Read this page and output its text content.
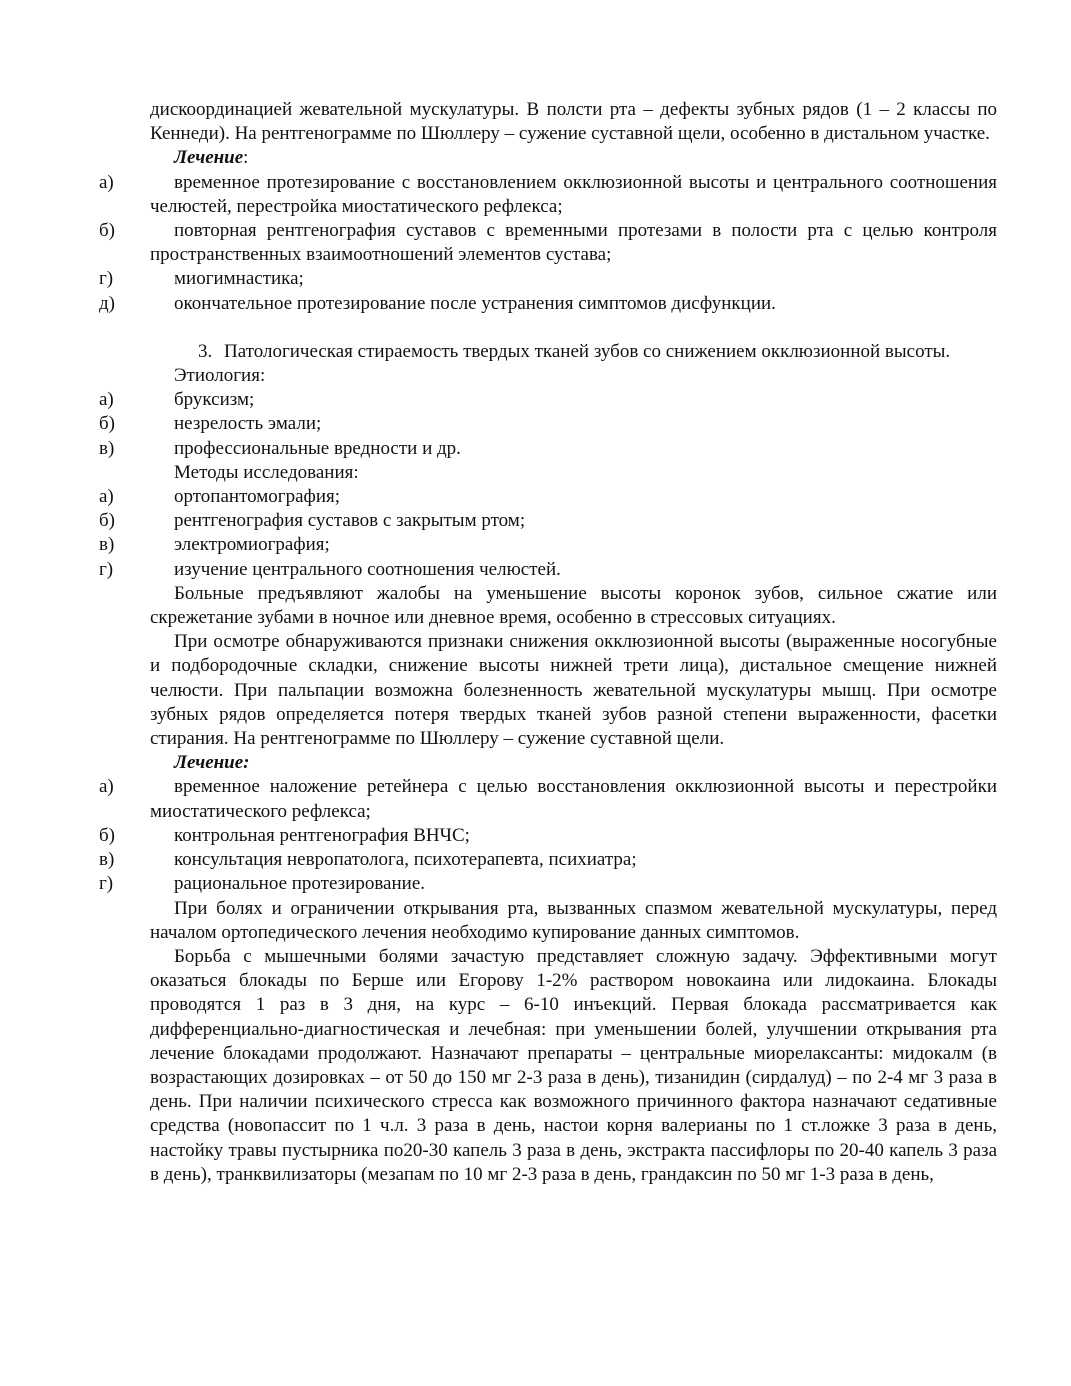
дискоординацией жевательной мускулатуры. В полсти рта – дефекты зубных рядов (1 – 2 классы по Кеннеди). На рентгенограмме по Шюллеру – сужение суставной щели, особенно в дистальном участке.

Лечение:

а)	временное протезирование с восстановлением окклюзионной высоты и центрального соотношения челюстей, перестройка миостатического рефлекса;

б)	повторная рентгенография суставов с временными протезами в полости рта с целью контроля пространственных взаимоотношений элементов сустава;

г)	миогимнастика;

д)	окончательное протезирование после устранения симптомов дисфункции.

3. Патологическая стираемость твердых тканей зубов со снижением окклюзионной высоты.

Этиология:

а)	бруксизм;

б)	незрелость эмали;

в)	профессиональные вредности и др.

Методы исследования:

а)	ортопантомография;

б)	рентгенография суставов с закрытым ртом;

в)	электромиография;

г)	изучение центрального соотношения челюстей.

Больные предъявляют жалобы на уменьшение высоты коронок зубов, сильное сжатие или скрежетание зубами в ночное или дневное время, особенно в стрессовых ситуациях.

При осмотре обнаруживаются признаки снижения окклюзионной высоты (выраженные носогубные и подбородочные складки, снижение высоты нижней трети лица), дистальное смещение нижней челюсти. При пальпации возможна болезненность жевательной мускулатуры мышц. При осмотре зубных рядов определяется потеря твердых тканей зубов разной степени выраженности, фасетки стирания. На рентгенограмме по Шюллеру – сужение суставной щели.

Лечение:

а)	временное наложение ретейнера с целью восстановления окклюзионной высоты и перестройки миостатического рефлекса;

б)	контрольная рентгенография ВНЧС;

в)	консультация невропатолога, психотерапевта, психиатра;

г)	рациональное протезирование.

При болях и ограничении открывания рта, вызванных спазмом жевательной мускулатуры, перед началом ортопедического лечения необходимо купирование данных симптомов.

Борьба с мышечными болями зачастую представляет сложную задачу. Эффективными могут оказаться блокады по Берше или Егорову 1-2% раствором новокаина или лидокаина. Блокады проводятся 1 раз в 3 дня, на курс – 6-10 инъекций. Первая блокада рассматривается как дифференциально-диагностическая и лечебная: при уменьшении болей, улучшении открывания рта лечение блокадами продолжают. Назначают препараты – центральные миорелаксанты: мидокалм (в возрастающих дозировках – от 50 до 150 мг 2-3 раза в день), тизанидин (сирдалуд) – по 2-4 мг 3 раза в день. При наличии психического стресса как возможного причинного фактора назначают седативные средства (новопассит по 1 ч.л. 3 раза в день, настои корня валерианы по 1 ст.ложке 3 раза в день, настойку травы пустырника по20-30 капель 3 раза в день, экстракта пассифлоры по 20-40 капель 3 раза в день), транквилизаторы (мезапам по 10 мг 2-3 раза в день, грандаксин по 50 мг 1-3 раза в день,
